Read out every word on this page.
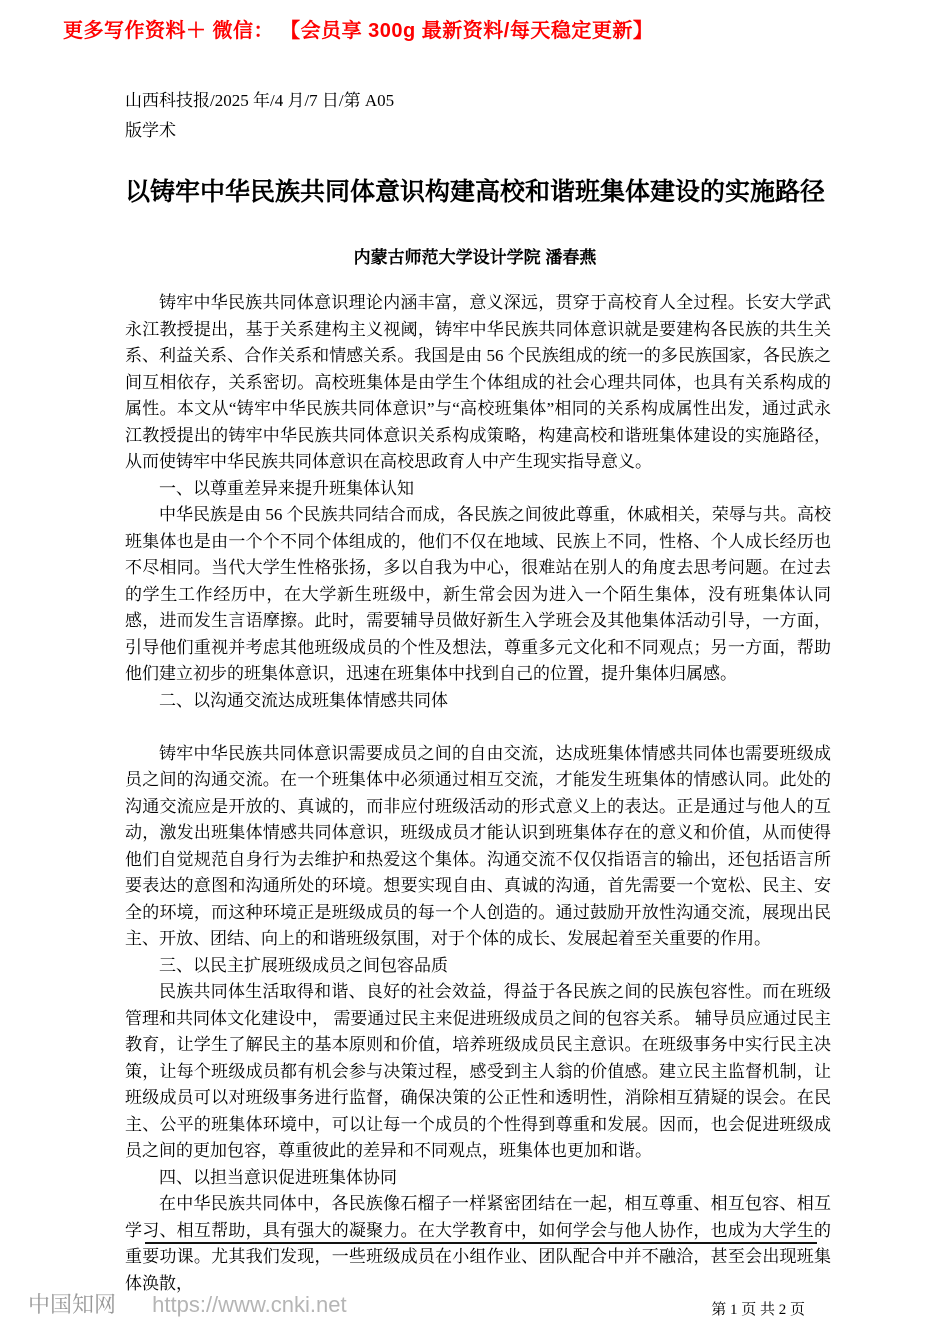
更多写作资料＋ 微信： 【会员享 300g 最新资料/每天稳定更新】
山西科技报/2025 年/4 月/7 日/第 A05
版学术
以铸牢中华民族共同体意识构建高校和谐班集体建设的实施路径
内蒙古师范大学设计学院 潘春燕

铸牢中华民族共同体意识理论内涵丰富，意义深远，贯穿于高校育人全过程。长安大学武永江教授提出，基于关系建构主义视阈，铸牢中华民族共同体意识就是要建构各民族的共生关系、利益关系、合作关系和情感关系。我国是由 56 个民族组成的统一的多民族国家，各民族之间互相依存，关系密切。高校班集体是由学生个体组成的社会心理共同体，也具有关系构成的属性。本文从“铸牢中华民族共同体意识”与“高校班集体”相同的关系构成属性出发，通过武永江教授提出的铸牢中华民族共同体意识关系构成策略，构建高校和谐班集体建设的实施路径，从而使铸牢中华民族共同体意识在高校思政育人中产生现实指导意义。

一、以尊重差异来提升班集体认知

中华民族是由 56 个民族共同结合而成，各民族之间彼此尊重，休戚相关，荣辱与共。高校班集体也是由一个个不同个体组成的，他们不仅在地域、民族上不同，性格、个人成长经历也不尽相同。当代大学生性格张扬，多以自我为中心，很难站在别人的角度去思考问题。在过去的学生工作经历中，在大学新生班级中，新生常会因为进入一个陌生集体，没有班集体认同感，进而发生言语摩擦。此时，需要辅导员做好新生入学班会及其他集体活动引导，一方面，引导他们重视并考虑其他班级成员的个性及想法，尊重多元文化和不同观点；另一方面，帮助他们建立初步的班集体意识，迅速在班集体中找到自己的位置，提升集体归属感。

二、以沟通交流达成班集体情感共同体

铸牢中华民族共同体意识需要成员之间的自由交流，达成班集体情感共同体也需要班级成员之间的沟通交流。在一个班集体中必须通过相互交流，才能发生班集体的情感认同。此处的沟通交流应是开放的、真诚的，而非应付班级活动的形式意义上的表达。正是通过与他人的互动，激发出班集体情感共同体意识，班级成员才能认识到班集体存在的意义和价值，从而使得他们自觉规范自身行为去维护和热爱这个集体。沟通交流不仅仅指语言的输出，还包括语言所要表达的意图和沟通所处的环境。想要实现自由、真诚的沟通，首先需要一个宽松、民主、安全的环境，而这种环境正是班级成员的每一个人创造的。通过鼓励开放性沟通交流，展现出民主、开放、团结、向上的和谐班级氛围，对于个体的成长、发展起着至关重要的作用。

三、以民主扩展班级成员之间包容品质

民族共同体生活取得和谐、良好的社会效益，得益于各民族之间的民族包容性。而在班级管理和共同体文化建设中， 需要通过民主来促进班级成员之间的包容关系。 辅导员应通过民主教育，让学生了解民主的基本原则和价值，培养班级成员民主意识。在班级事务中实行民主决策，让每个班级成员都有机会参与决策过程，感受到主人翁的价值感。建立民主监督机制，让班级成员可以对班级事务进行监督，确保决策的公正性和透明性，消除相互猜疑的误会。在民主、公平的班集体环境中，可以让每一个成员的个性得到尊重和发展。因而，也会促进班级成员之间的更加包容，尊重彼此的差异和不同观点，班集体也更加和谐。

四、以担当意识促进班集体协同

在中华民族共同体中，各民族像石榴子一样紧密团结在一起，相互尊重、相互包容、相互学习、相互帮助，具有强大的凝聚力。在大学教育中，如何学会与他人协作，也成为大学生的重要功课。尤其我们发现，一些班级成员在小组作业、团队配合中并不融洽，甚至会出现班集体涣散，

第 1 页 共 2 页

中国知网 https://www.cnki.net
